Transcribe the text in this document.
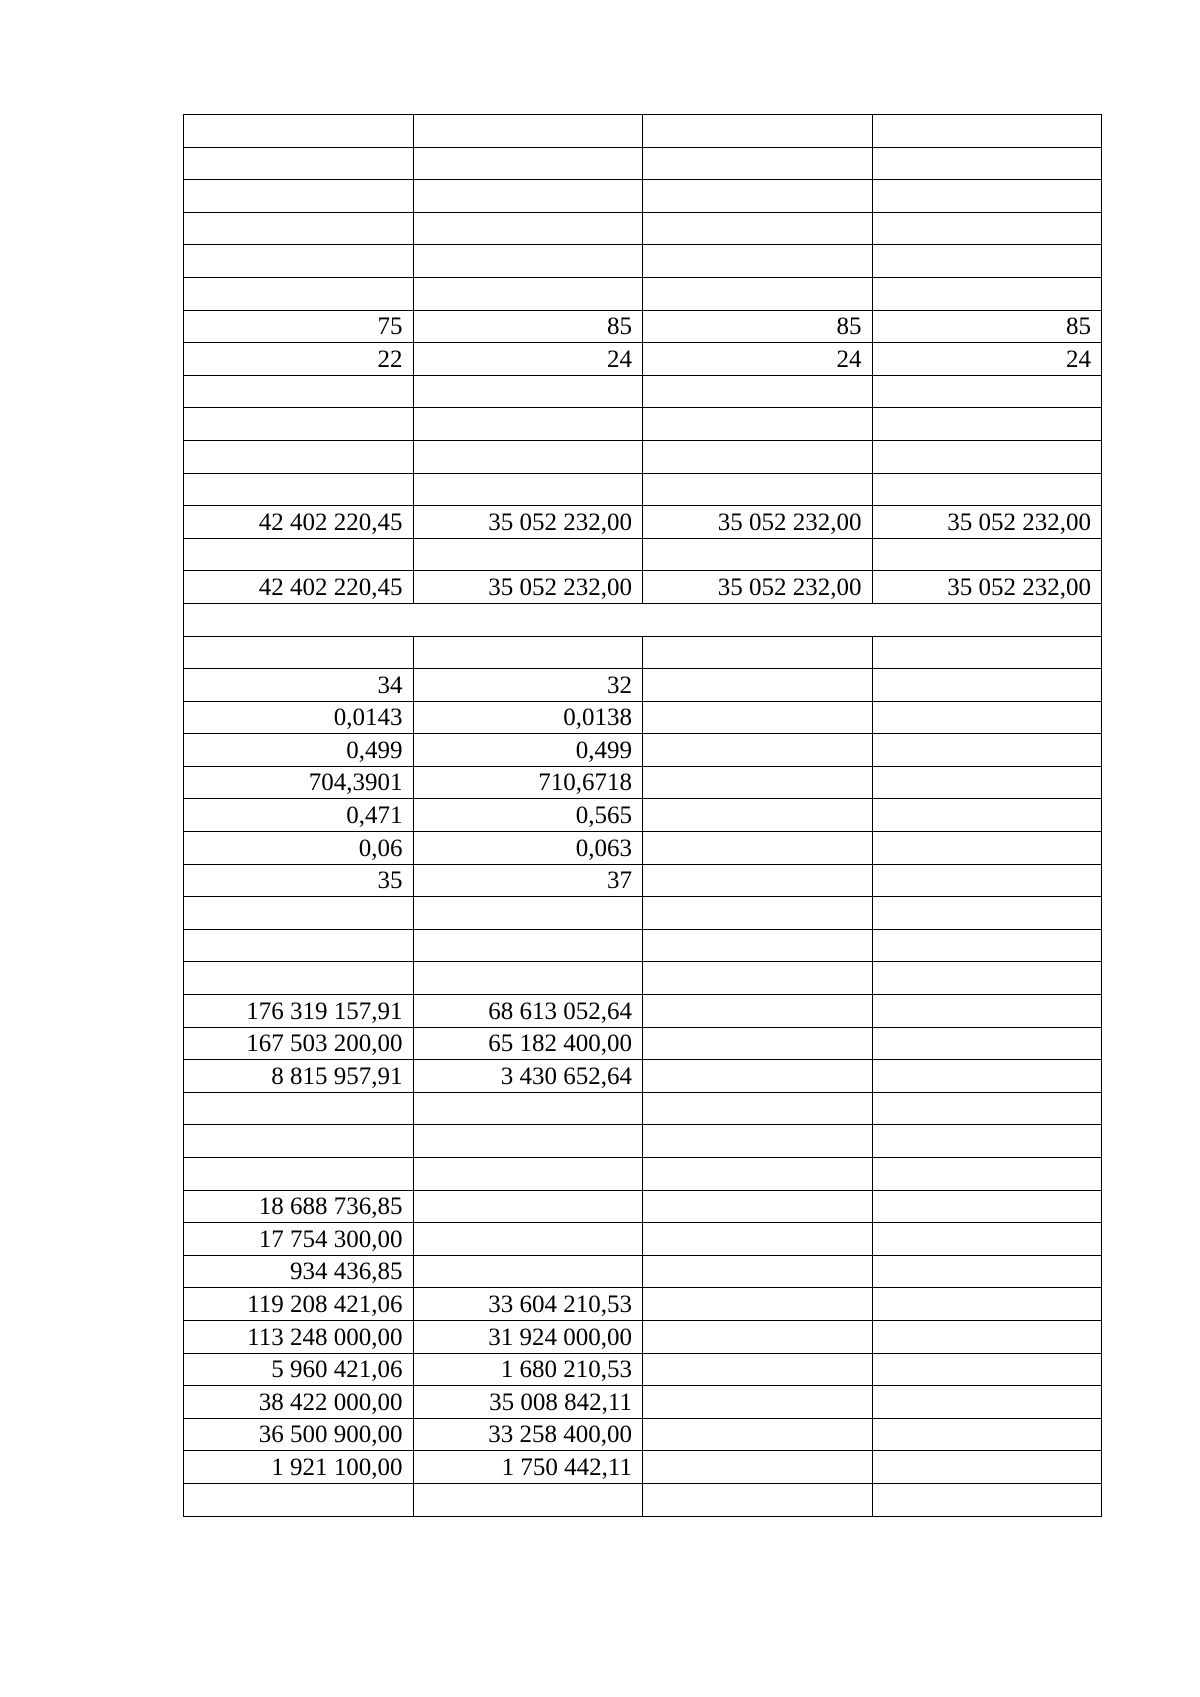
75	85	85	85
22	24	24	24

42 402 220,45	35 052 232,00	35 052 232,00	35 052 232,00

42 402 220,45	35 052 232,00	35 052 232,00	35 052 232,00

34	32		
0,0143	0,0138		
0,499	0,499		
704,3901	710,6718		
0,471	0,565		
0,06	0,063		
35	37		

176 319 157,91	68 613 052,64		
167 503 200,00	65 182 400,00		
8 815 957,91	3 430 652,64		

18 688 736,85			
17 754 300,00			
934 436,85			
119 208 421,06	33 604 210,53		
113 248 000,00	31 924 000,00		
5 960 421,06	1 680 210,53		
38 422 000,00	35 008 842,11		
36 500 900,00	33 258 400,00		
1 921 100,00	1 750 442,11		
